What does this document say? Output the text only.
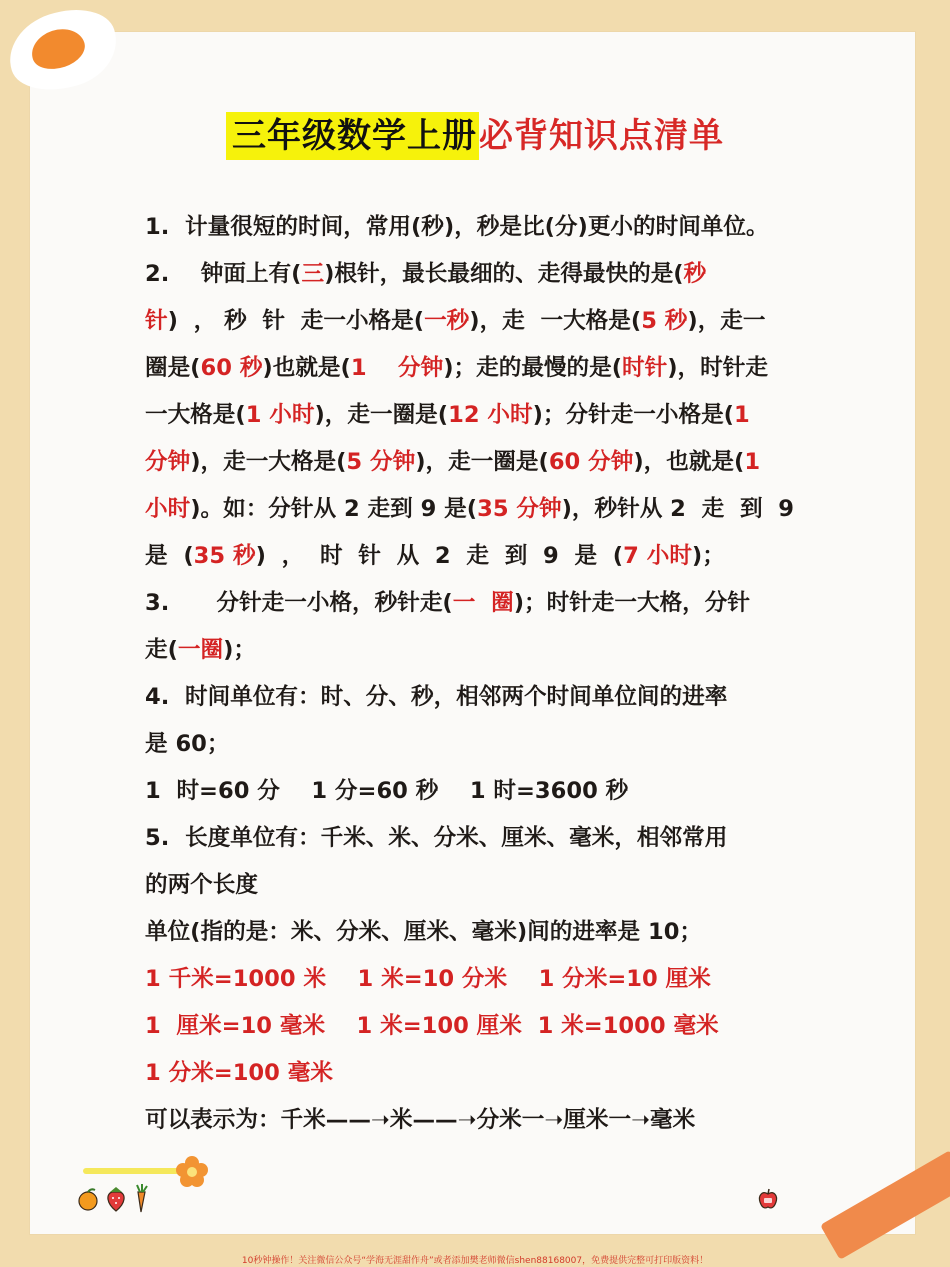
三年级数学上册必背知识点清单
1.  计量很短的时间，常用(秒)，秒是比(分)更小的时间单位。
2.    钟面上有( 三 )根针，最长最细的、走得最快的是( 秒
针 )  ， 秒  针  走一小格是( 一秒 )，走  一大格是( 5 秒 )，走一
圈是( 60 秒 )也就是( 1    分钟 )；走的最慢的是( 时针 )，时针走
一大格是( 1 小时 )，走一圈是( 12 小时 )；分针走一小格是( 1
分钟 )，走一大格是( 5 分钟 )，走一圈是( 60 分钟 )，也就是( 1
小时 )。如：分针从 2 走到 9 是( 35 分钟 )，秒针从 2  走  到  9
是  ( 35 秒 )  ，  时  针  从  2  走  到  9  是  ( 7 小时 )；
3.      分针走一小格，秒针走( 一  圈 )；时针走一大格，分针
走( 一圈 )；
4.  时间单位有：时、分、秒，相邻两个时间单位间的进率
是 60；
1  时=60 分    1 分=60 秒    1 时=3600 秒
5.  长度单位有：千米、米、分米、厘米、毫米，相邻常用
的两个长度
单位(指的是：米、分米、厘米、毫米)间的进率是 10；
1 千米=1000 米    1 米=10 分米    1 分米=10 厘米
1  厘米=10 毫米    1 米=100 厘米  1 米=1000 毫米
1 分米=100 毫米
可以表示为：千米——➝米——➝分米一➝厘米一➝毫米
10秒钟操作！关注微信公众号“学海无涯甜作舟”或者添加樊老师微信shen88168007，免费提供完整可打印版资料！
